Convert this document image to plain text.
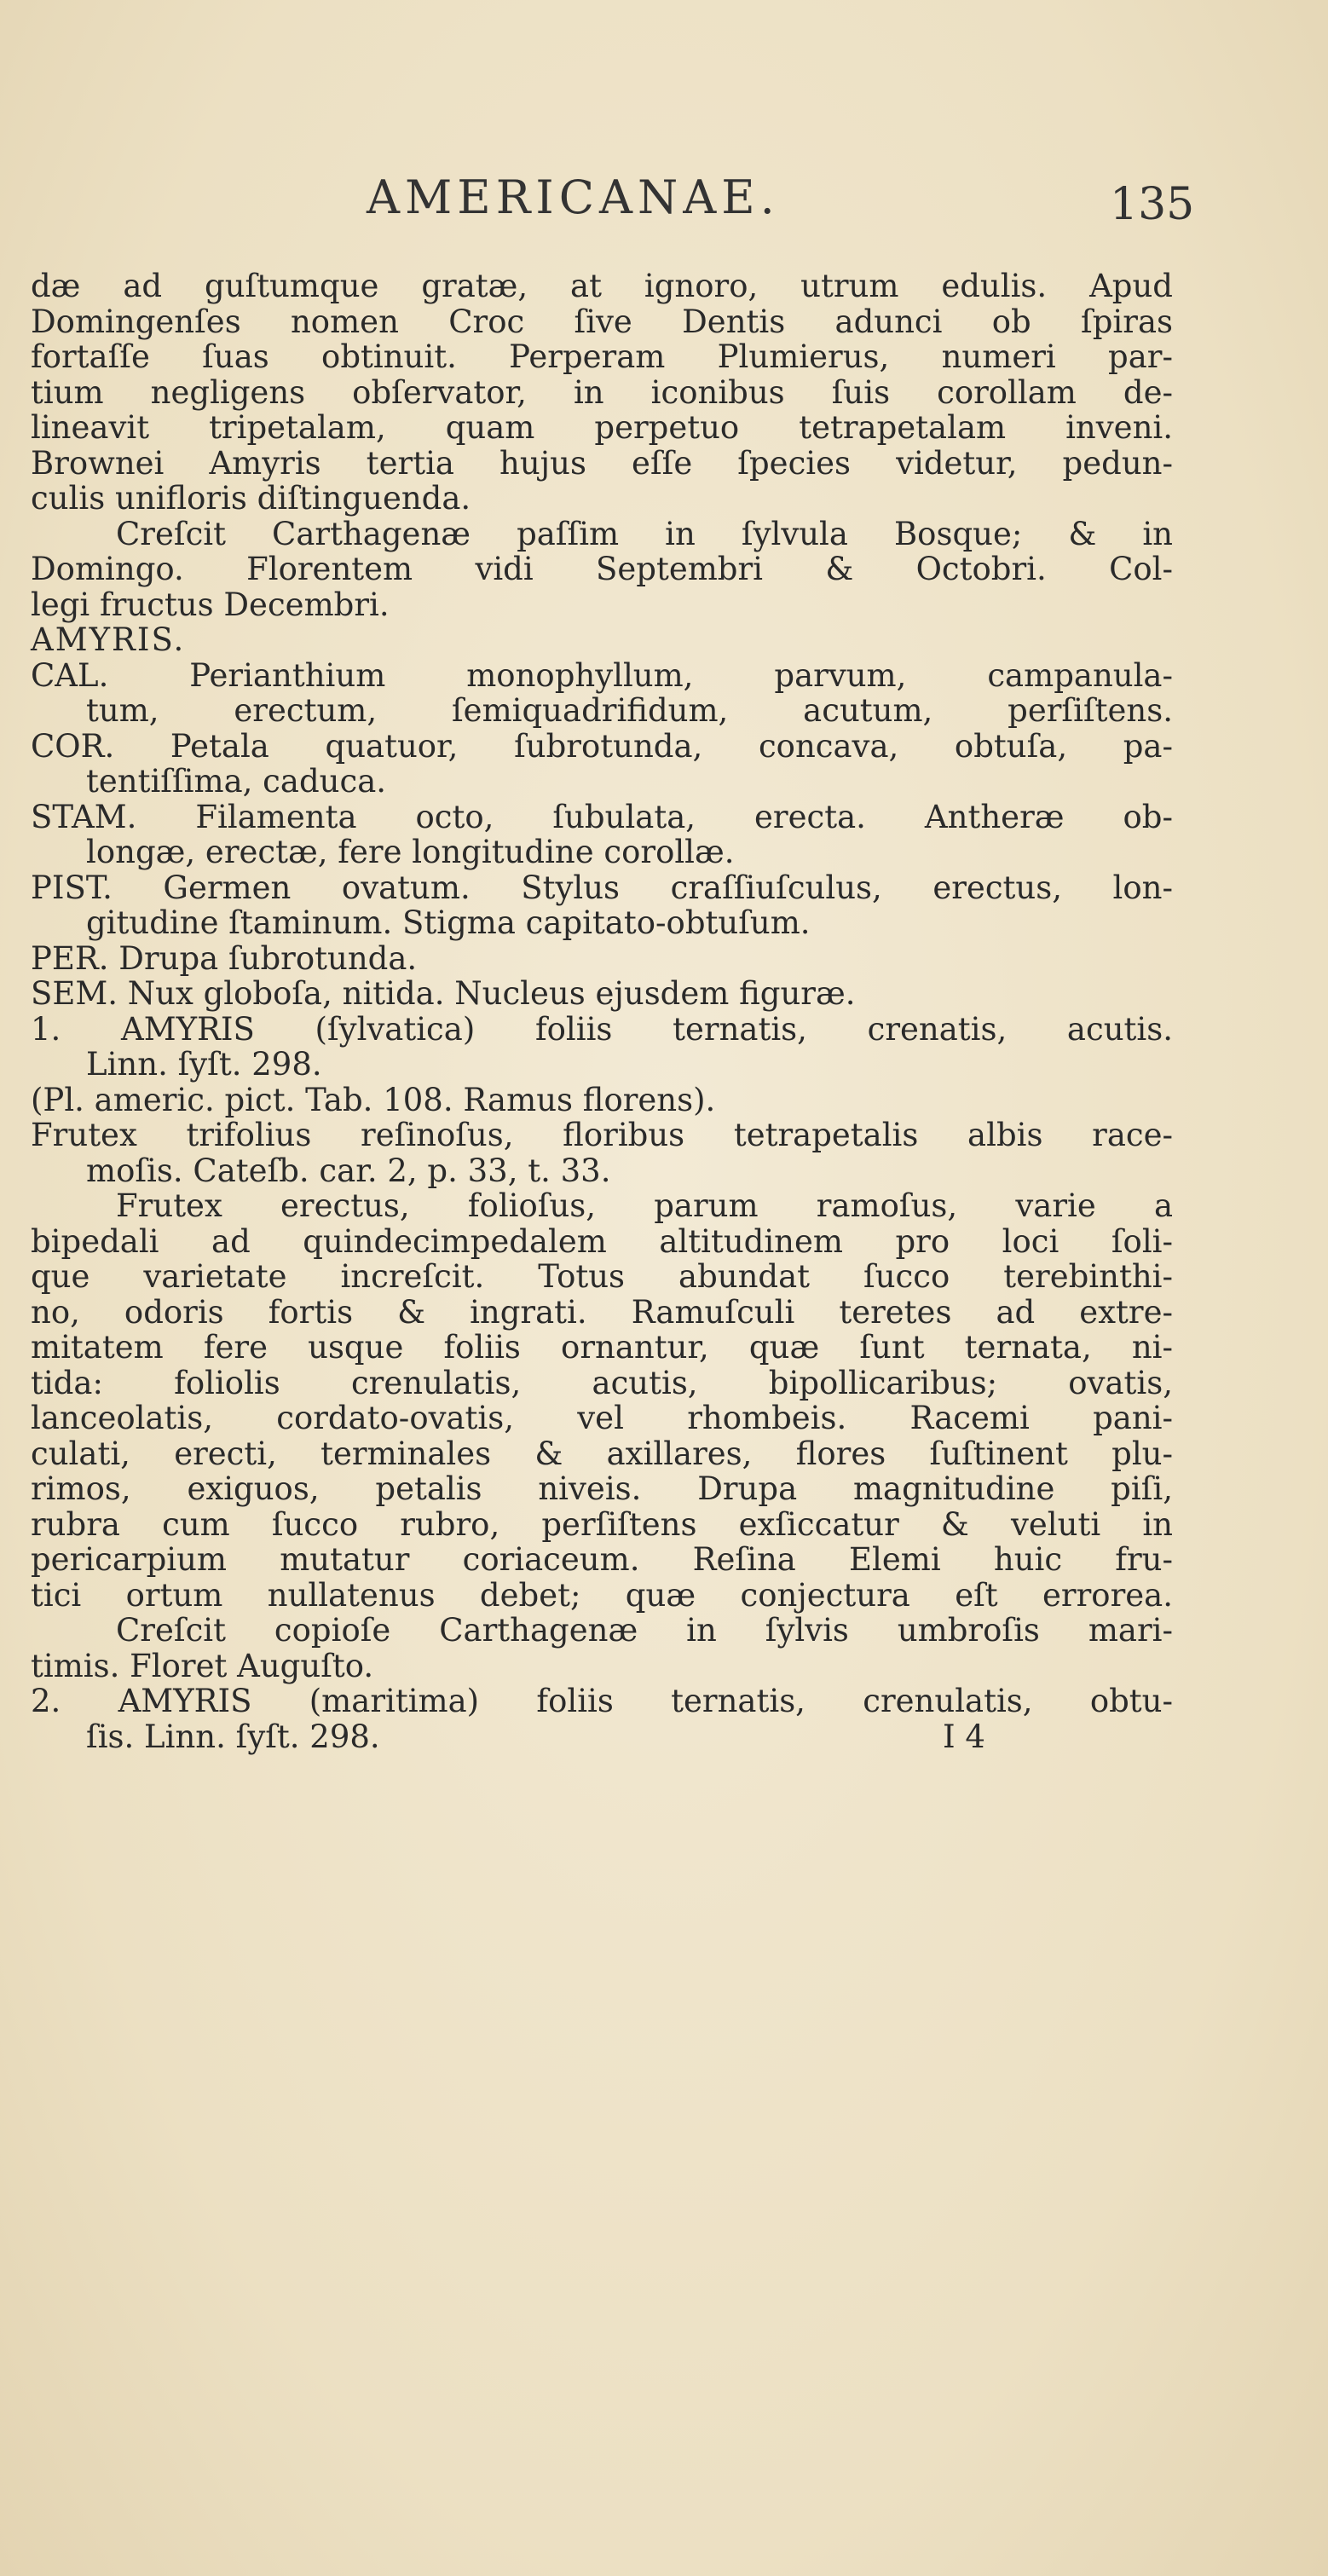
AMERICANAE.	135
dæ ad guſtumque gratæ, at ignoro, utrum edulis. Apud
Domingenſes nomen Croc ſive Dentis adunci ob ſpiras
fortaſſe ſuas obtinuit. Perperam Plumierus, numeri par-
tium negligens obſervator, in iconibus ſuis corollam de-
lineavit tripetalam, quam perpetuo tetrapetalam inveni.
Brownei Amyris tertia hujus eſſe ſpecies videtur, pedun-
culis unifloris diſtinguenda.
Creſcit Carthagenæ paſſim in ſylvula Bosque; & in
Domingo. Florentem vidi Septembri & Octobri. Col-
legi fructus Decembri.
AMYRIS.
CAL. Perianthium monophyllum, parvum, campanula-
tum, erectum, ſemiquadrifidum, acutum, perſiſtens.
COR. Petala quatuor, ſubrotunda, concava, obtuſa, pa-
tentiſſima, caduca.
STAM. Filamenta octo, ſubulata, erecta. Antheræ ob-
longæ, erectæ, fere longitudine corollæ.
PIST. Germen ovatum. Stylus craſſiuſculus, erectus, lon-
gitudine ſtaminum. Stigma capitato-obtuſum.
PER. Drupa ſubrotunda.
SEM. Nux globoſa, nitida. Nucleus ejusdem figuræ.
1. AMYRIS (ſylvatica) foliis ternatis, crenatis, acutis.
Linn. ſyſt. 298.
(Pl. americ. pict. Tab. 108. Ramus florens).
Frutex trifolius reſinoſus, floribus tetrapetalis albis race-
moſis. Cateſb. car. 2, p. 33, t. 33.
Frutex erectus, folioſus, parum ramoſus, varie a
bipedali ad quindecimpedalem altitudinem pro loci ſoli-
que varietate increſcit. Totus abundat ſucco terebinthi-
no, odoris fortis & ingrati. Ramuſculi teretes ad extre-
mitatem fere usque foliis ornantur, quæ ſunt ternata, ni-
tida: foliolis crenulatis, acutis, bipollicaribus; ovatis,
lanceolatis, cordato-ovatis, vel rhombeis. Racemi pani-
culati, erecti, terminales & axillares, flores ſuſtinent plu-
rimos, exiguos, petalis niveis. Drupa magnitudine piſi,
rubra cum ſucco rubro, perſiſtens exſiccatur & veluti in
pericarpium mutatur coriaceum. Reſina Elemi huic fru-
tici ortum nullatenus debet; quæ conjectura eſt errorea.
Creſcit copioſe Carthagenæ in ſylvis umbroſis mari-
timis. Floret Auguſto.
2. AMYRIS (maritima) foliis ternatis, crenulatis, obtu-
ſis. Linn. ſyſt. 298.	I 4
